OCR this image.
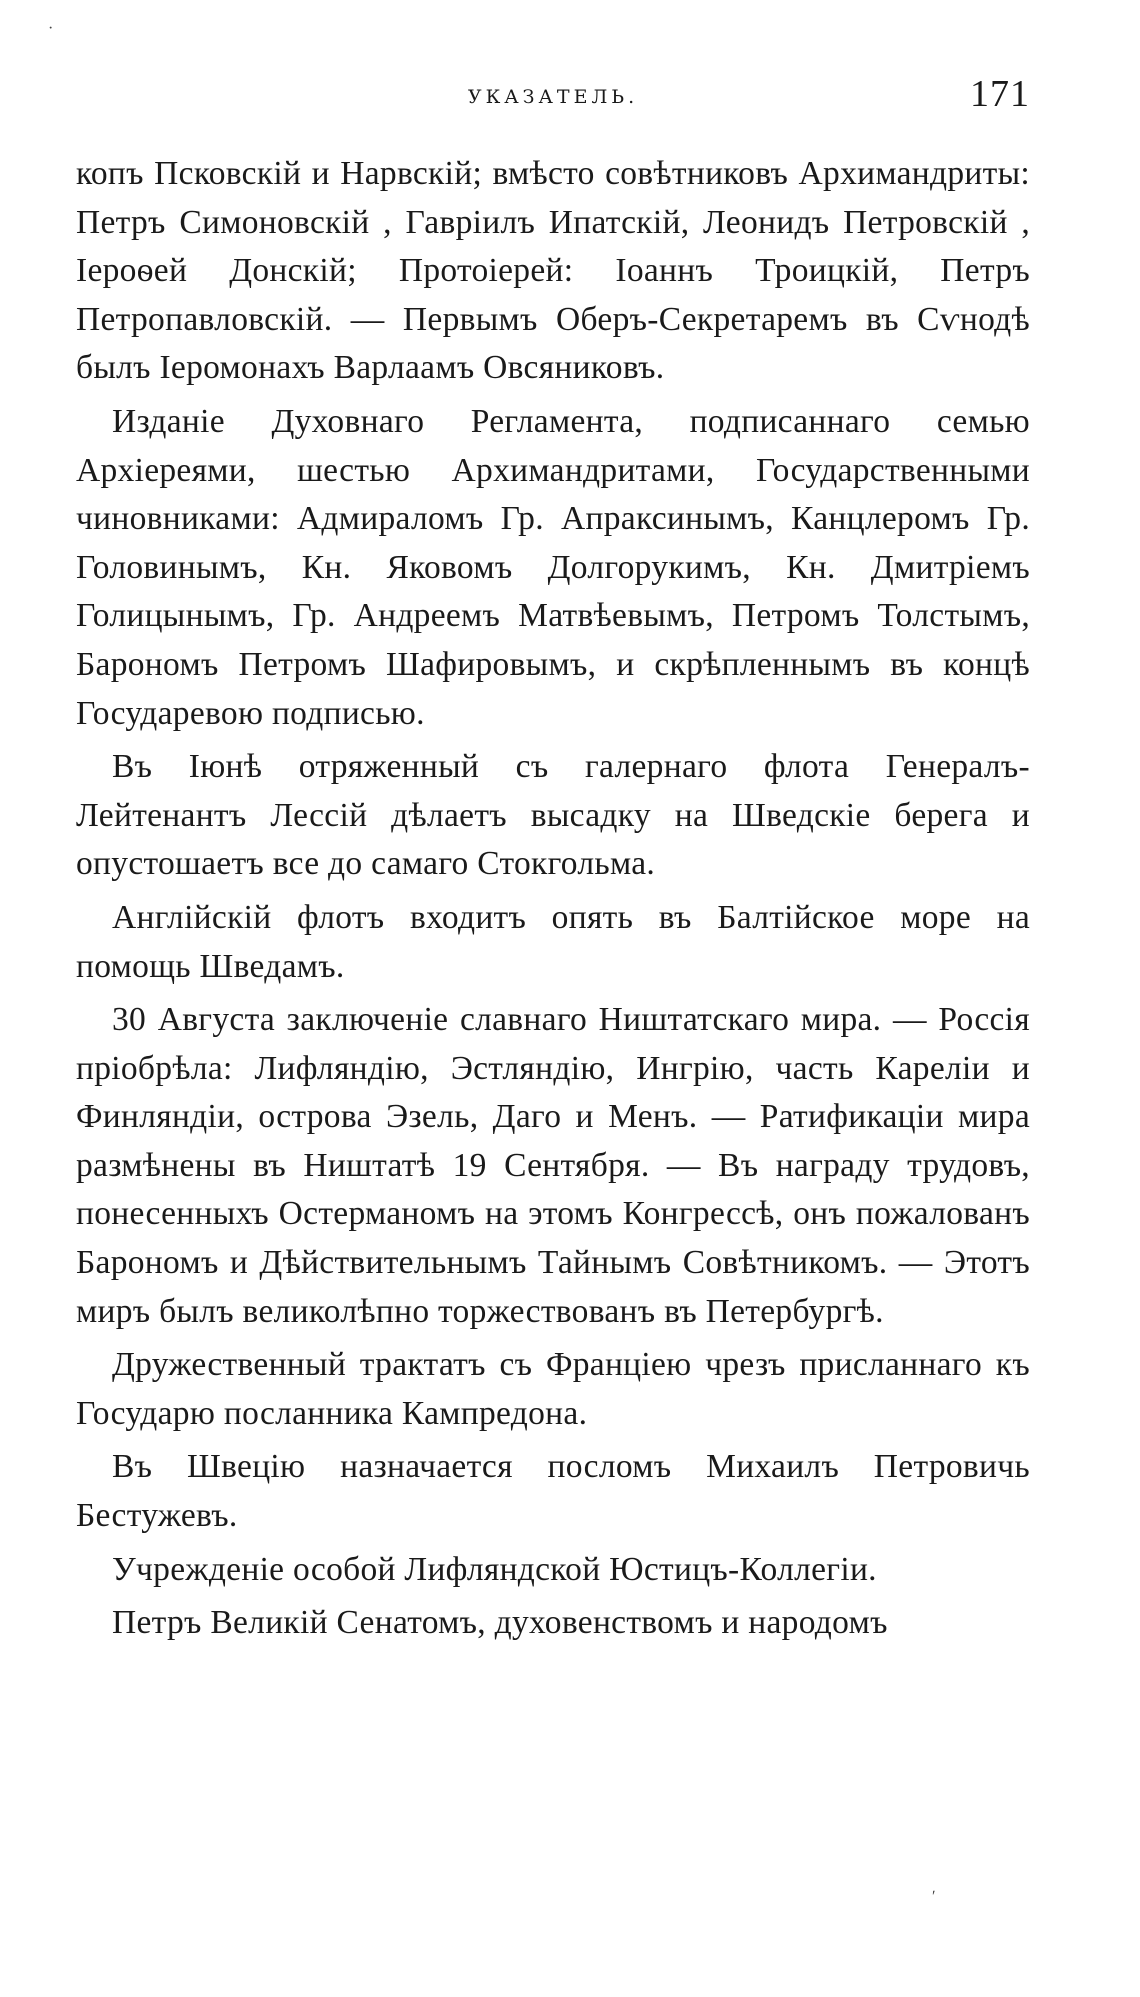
·
УКАЗАТЕЛЬ.	171

копъ Псковскій и Нарвскій; вмѣсто совѣтниковъ Архимандриты: Петръ Симоновскій , Гавріилъ Ипатскій, Леонидъ Петровскій , Іероѳей Донскій; Протоіерей: Іоаннъ Троицкій, Петръ Петропавловскій. — Первымъ Оберъ-Секретаремъ въ Сѵнодѣ былъ Іеромонахъ Варлаамъ Овсяниковъ.

Изданіе Духовнаго Регламента, подписаннаго семью Архіереями, шестью Архимандритами, Государственными чиновниками: Адмираломъ Гр. Апраксинымъ, Канцлеромъ Гр. Головинымъ, Кн. Яковомъ Долгорукимъ, Кн. Дмитріемъ Голицынымъ, Гр. Андреемъ Матвѣевымъ, Петромъ Толстымъ, Барономъ Петромъ Шафировымъ, и скрѣпленнымъ въ концѣ Государевою подписью.

Въ Іюнѣ отряженный съ галернаго флота Генералъ-Лейтенантъ Лессій дѣлаетъ высадку на Шведскіе берега и опустошаетъ все до самаго Стокгольма.

Англійскій флотъ входитъ опять въ Балтійское море на помощь Шведамъ.

30 Августа заключеніе славнаго Ништатскаго мира. — Россія пріобрѣла: Лифляндію, Эстляндію, Ингрію, часть Кареліи и Финляндіи, острова Эзель, Даго и Менъ. — Ратификаціи мира размѣнены въ Ништатѣ 19 Сентября. — Въ награду трудовъ, понесенныхъ Остерманомъ на этомъ Конгрессѣ, онъ пожалованъ Барономъ и Дѣйствительнымъ Тайнымъ Совѣтникомъ. — Этотъ миръ былъ великолѣпно торжествованъ въ Петербургѣ.

Дружественный трактатъ съ Франціею чрезъ присланнаго къ Государю посланника Кампредона.

Въ Швецію назначается посломъ Михаилъ Петровичь Бестужевъ.

Учрежденіе особой Лифляндской Юстицъ-Коллегіи.

Петръ Великій Сенатомъ, духовенствомъ и народомъ

ʹ
